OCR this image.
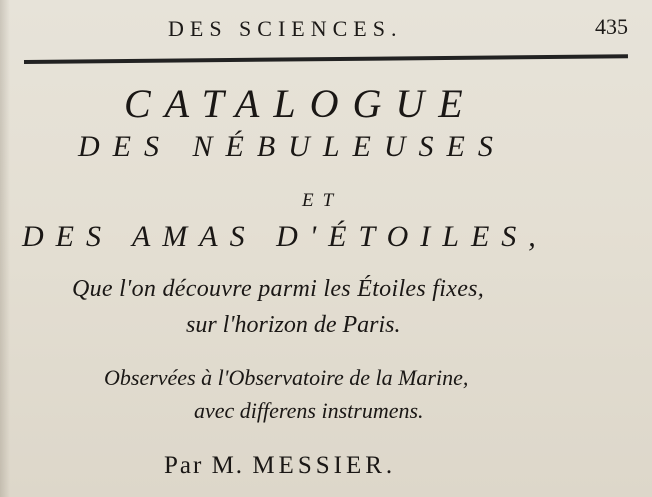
DES SCIENCES.	435
CATALOGUE
DES NÉBULEUSES
ET
DES AMAS D'ÉTOILES,
Que l'on découvre parmi les Étoiles fixes,
sur l'horizon de Paris.
Observées à l'Observatoire de la Marine,
avec differens instrumens.
Par M. MESSIER.
